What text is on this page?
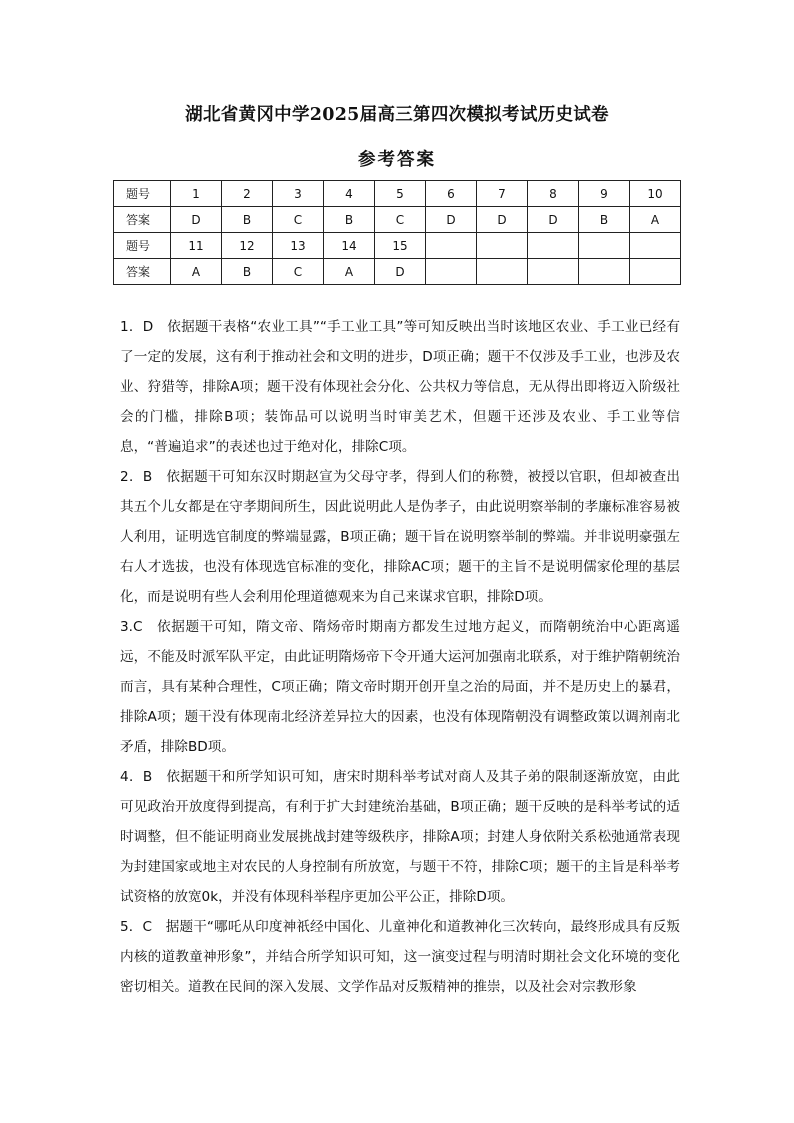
湖北省黄冈中学2025届高三第四次模拟考试历史试卷
参考答案
题号	1	2	3	4	5	6	7	8	9	10
答案	D	B	C	B	C	D	D	D	B	A
题号	11	12	13	14	15					
答案	A	B	C	A	D					

1．D　依据题干表格“农业工具”“手工业工具”等可知反映出当时该地区农业、手工业已经有了一定的发展，这有利于推动社会和文明的进步，D项正确；题干不仅涉及手工业，也涉及农业、狩猎等，排除A项；题干没有体现社会分化、公共权力等信息，无从得出即将迈入阶级社会的门槛，排除B项；装饰品可以说明当时审美艺术，但题干还涉及农业、手工业等信息，“普遍追求”的表述也过于绝对化，排除C项。

2．B　依据题干可知东汉时期赵宣为父母守孝，得到人们的称赞，被授以官职，但却被查出其五个儿女都是在守孝期间所生，因此说明此人是伪孝子，由此说明察举制的孝廉标准容易被人利用，证明选官制度的弊端显露，B项正确；题干旨在说明察举制的弊端。并非说明豪强左右人才选拔，也没有体现选官标准的变化，排除AC项；题干的主旨不是说明儒家伦理的基层化，而是说明有些人会利用伦理道德观来为自己来谋求官职，排除D项。

3.C　依据题干可知，隋文帝、隋炀帝时期南方都发生过地方起义，而隋朝统治中心距离遥远，不能及时派军队平定，由此证明隋炀帝下令开通大运河加强南北联系，对于维护隋朝统治而言，具有某种合理性，C项正确；隋文帝时期开创开皇之治的局面，并不是历史上的暴君，排除A项；题干没有体现南北经济差异拉大的因素，也没有体现隋朝没有调整政策以调剂南北矛盾，排除BD项。

4．B　依据题干和所学知识可知，唐宋时期科举考试对商人及其子弟的限制逐渐放宽，由此可见政治开放度得到提高，有利于扩大封建统治基础，B项正确；题干反映的是科举考试的适时调整，但不能证明商业发展挑战封建等级秩序，排除A项；封建人身依附关系松弛通常表现为封建国家或地主对农民的人身控制有所放宽，与题干不符，排除C项；题干的主旨是科举考试资格的放宽0k，并没有体现科举程序更加公平公正，排除D项。

5．C　据题干“哪吒从印度神祇经中国化、儿童神化和道教神化三次转向，最终形成具有反叛内核的道教童神形象”，并结合所学知识可知，这一演变过程与明清时期社会文化环境的变化密切相关。道教在民间的深入发展、文学作品对反叛精神的推崇，以及社会对宗教形象
